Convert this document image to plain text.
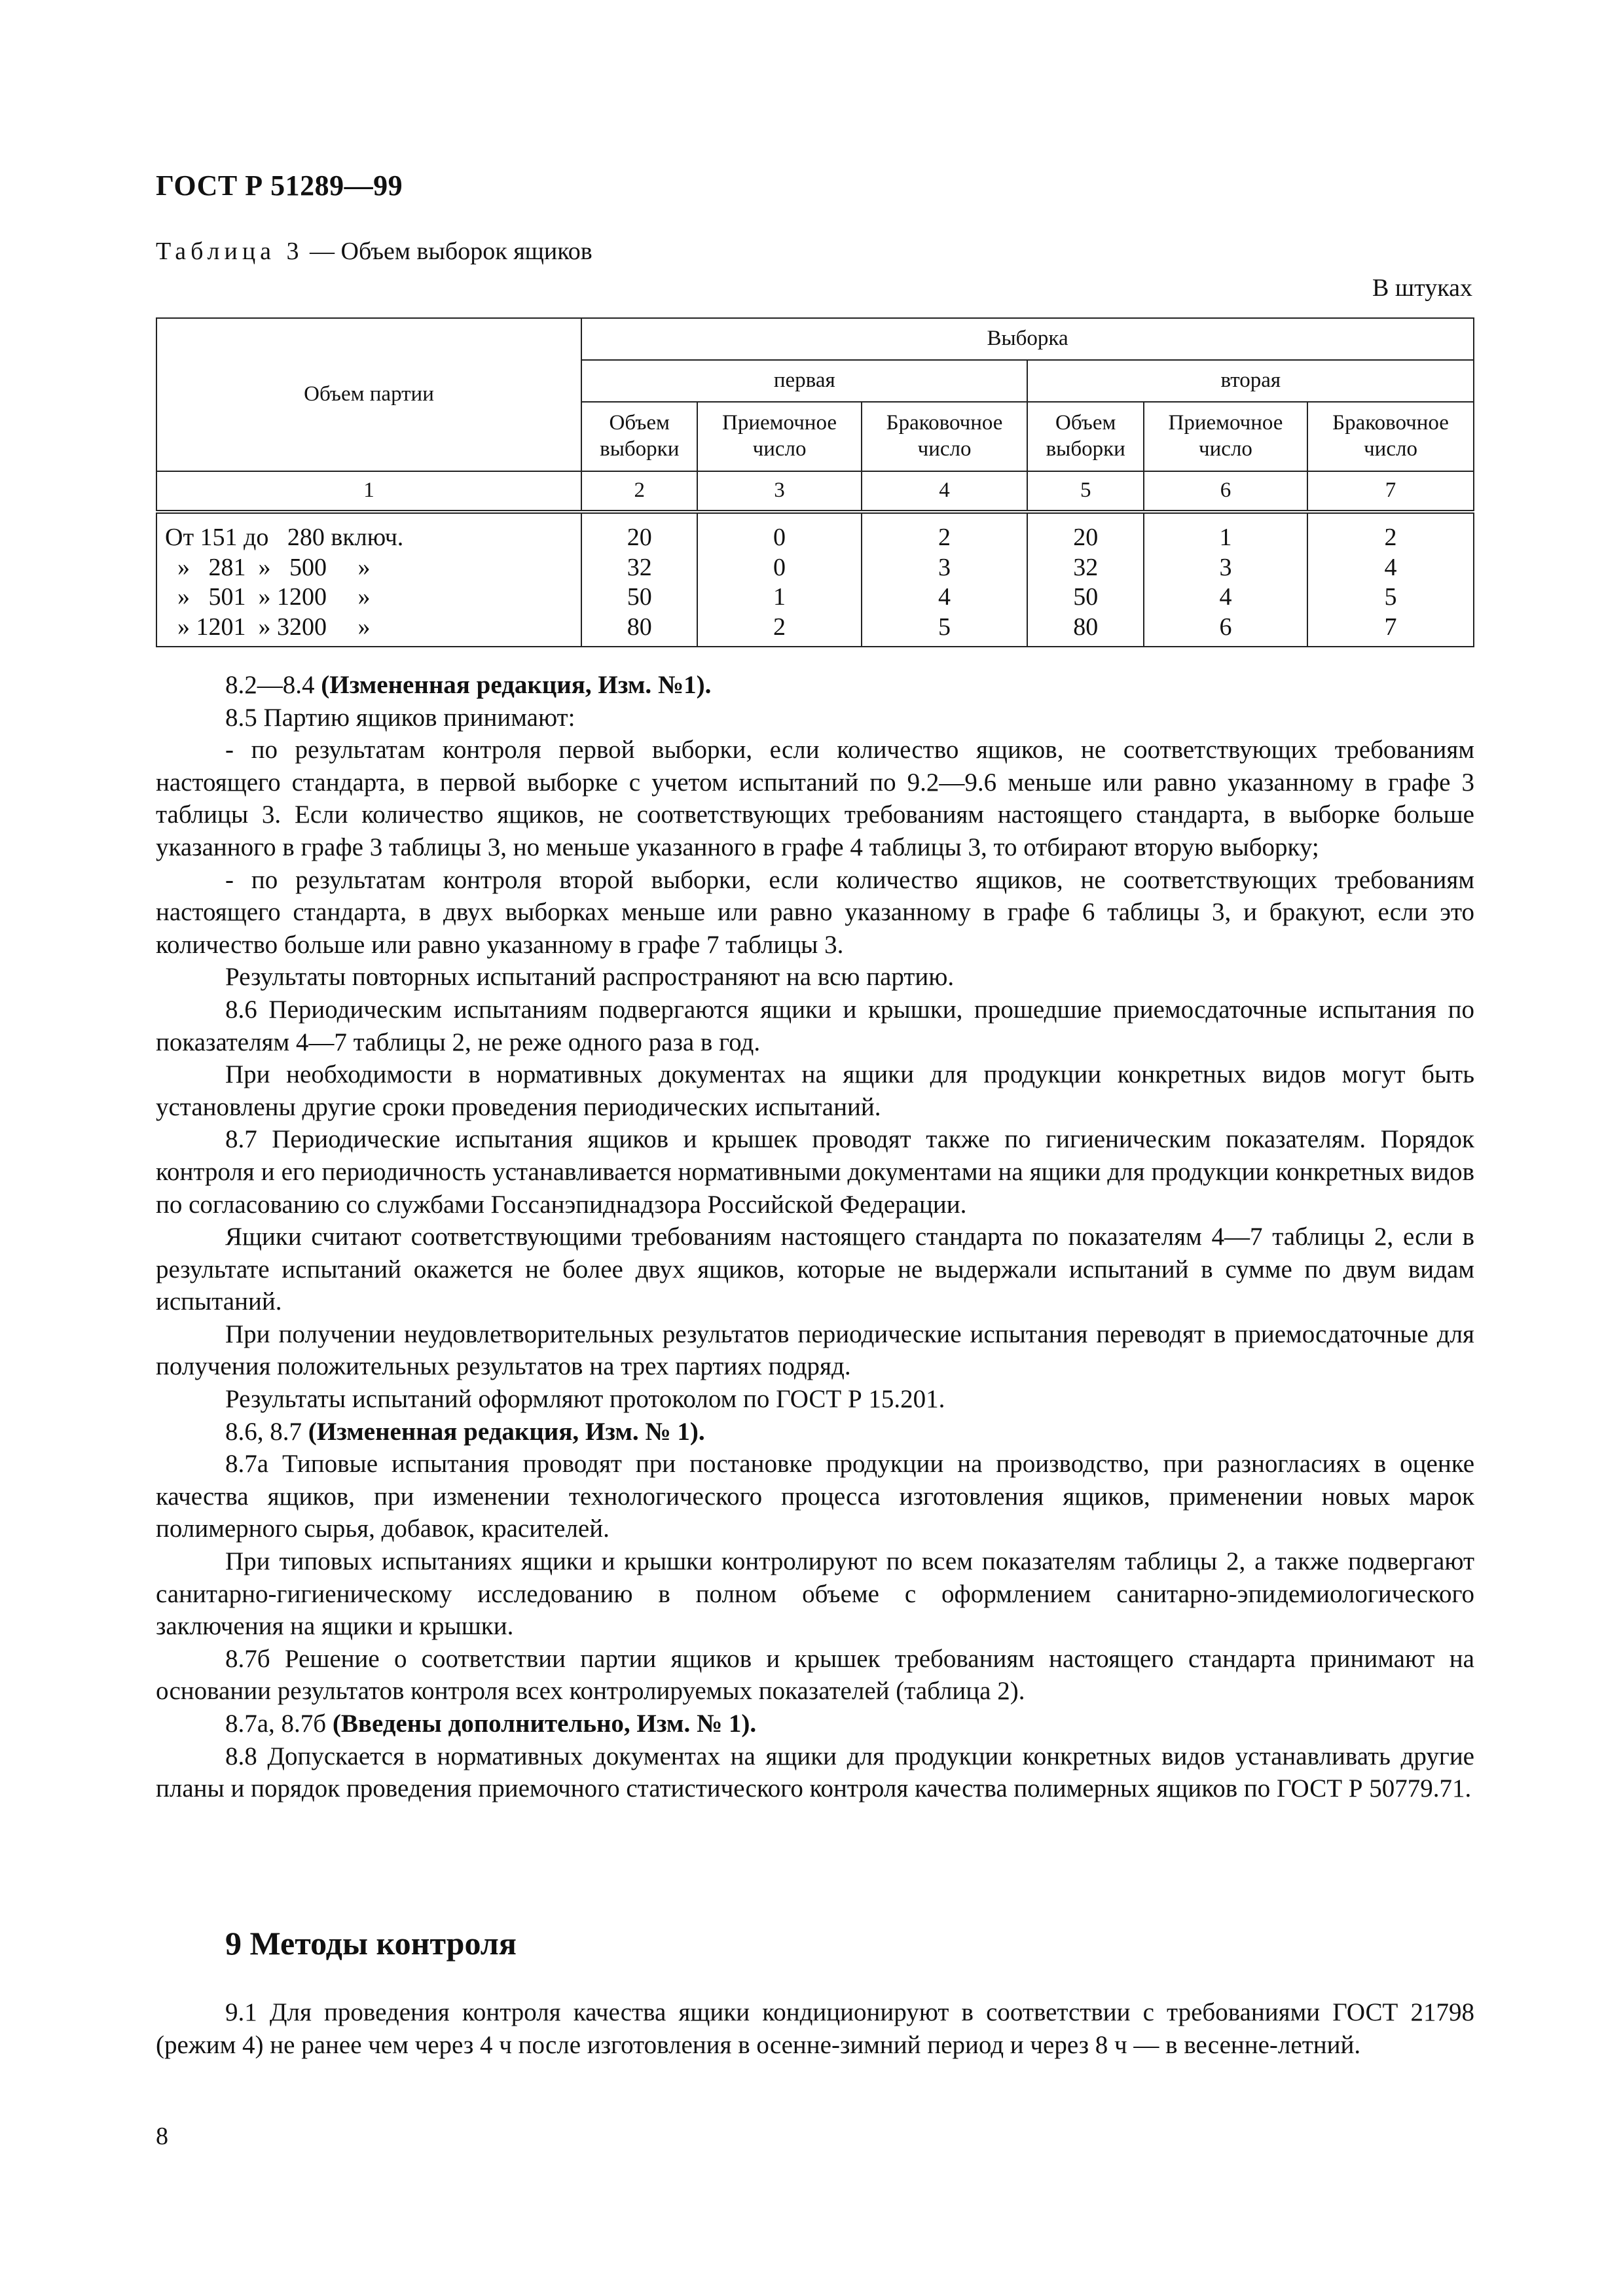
ГОСТ Р 51289—99
Таблица 3 — Объем выборок ящиков
В штуках
Объем партии	Выборка					
	первая			вторая		
	Объем выборки	Приемочное число	Браковочное число	Объем выборки	Приемочное число	Браковочное число
1	2	3	4	5	6	7
От 151 до   280 включ.	20	0	2	20	1	2
»   281  »   500     »	32	0	3	32	3	4
»   501  » 1200     »	50	1	4	50	4	5
» 1201  » 3200     »	80	2	5	80	6	7

8.2—8.4 (Измененная редакция, Изм. №1).

8.5 Партию ящиков принимают:

- по результатам контроля первой выборки, если количество ящиков, не соответствующих требованиям настоящего стандарта, в первой выборке с учетом испытаний по 9.2—9.6 меньше или равно указанному в графе 3 таблицы 3. Если количество ящиков, не соответствующих требованиям настоящего стандарта, в выборке больше указанного в графе 3 таблицы 3, но меньше указанного в графе 4 таблицы 3, то отбирают вторую выборку;

- по результатам контроля второй выборки, если количество ящиков, не соответствующих требованиям настоящего стандарта, в двух выборках меньше или равно указанному в графе 6 таблицы 3, и бракуют, если это количество больше или равно указанному в графе 7 таблицы 3.

Результаты повторных испытаний распространяют на всю партию.

8.6 Периодическим испытаниям подвергаются ящики и крышки, прошедшие приемосдаточные испытания по показателям 4—7 таблицы 2, не реже одного раза в год.

При необходимости в нормативных документах на ящики для продукции конкретных видов могут быть установлены другие сроки проведения периодических испытаний.

8.7 Периодические испытания ящиков и крышек проводят также по гигиеническим показателям. Порядок контроля и его периодичность устанавливается нормативными документами на ящики для продукции конкретных видов по согласованию со службами Госсанэпиднадзора Российской Федерации.

Ящики считают соответствующими требованиям настоящего стандарта по показателям 4—7 таблицы 2, если в результате испытаний окажется не более двух ящиков, которые не выдержали испытаний в сумме по двум видам испытаний.

При получении неудовлетворительных результатов периодические испытания переводят в приемосдаточные для получения положительных результатов на трех партиях подряд.

Результаты испытаний оформляют протоколом по ГОСТ Р 15.201.

8.6, 8.7 (Измененная редакция, Изм. № 1).

8.7а Типовые испытания проводят при постановке продукции на производство, при разногласиях в оценке качества ящиков, при изменении технологического процесса изготовления ящиков, применении новых марок полимерного сырья, добавок, красителей.

При типовых испытаниях ящики и крышки контролируют по всем показателям таблицы 2, а также подвергают санитарно-гигиеническому исследованию в полном объеме с оформлением санитарно-эпидемиологического заключения на ящики и крышки.

8.7б Решение о соответствии партии ящиков и крышек требованиям настоящего стандарта принимают на основании результатов контроля всех контролируемых показателей (таблица 2).

8.7а, 8.7б (Введены дополнительно, Изм. № 1).

8.8 Допускается в нормативных документах на ящики для продукции конкретных видов устанавливать другие планы и порядок проведения приемочного статистического контроля качества полимерных ящиков по ГОСТ Р 50779.71.

9 Методы контроля

9.1 Для проведения контроля качества ящики кондиционируют в соответствии с требованиями ГОСТ 21798 (режим 4) не ранее чем через 4 ч после изготовления в осенне-зимний период и через 8 ч — в весенне-летний.

8
